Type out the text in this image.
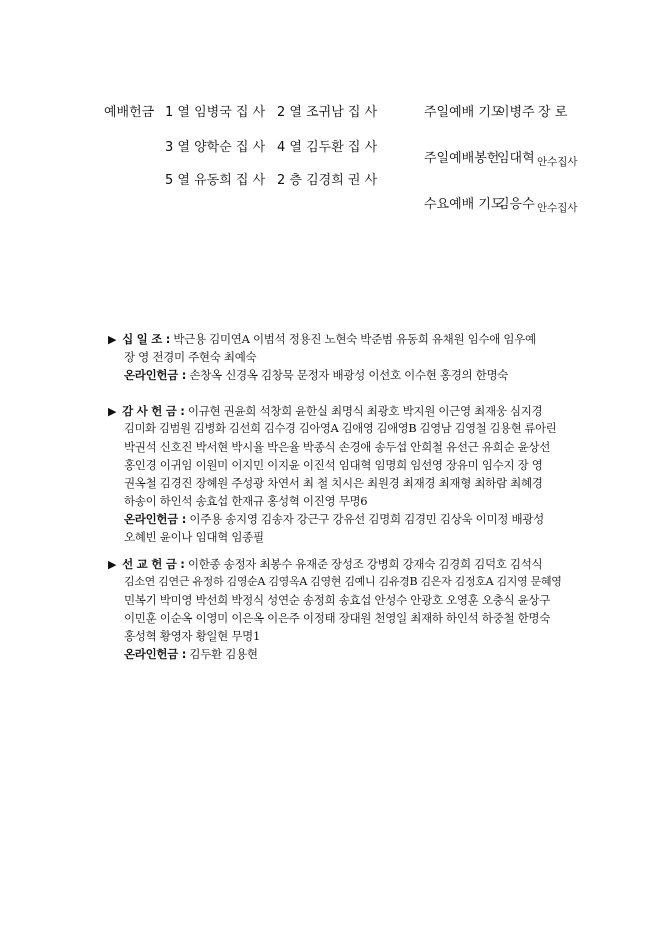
예배헌금 1 열 임병국 집 사 2 열 조귀남 집 사
3 열 양학순 집 사 4 열 김두환 집 사
5 열 유동희 집 사 2 층 김경희 권 사
주일예배 기도
이병주 장 로
주일예배봉헌
임대혁 안수집사
수요예배 기도
김응수 안수집사
▶ 십 일 조 : 박근용 김미연A 이범석 정용진 노현숙 박준범 유동희 유채원 임수애 임우예
장 영 전경미 주현숙 최예숙
온라인헌금 : 손창옥 신경옥 김창묵 문정자 배광성 이선호 이수현 홍경의 한명숙
▶ 감 사 헌 금 : 이규현 권윤희 석창희 윤한실 최명식 최광호 박지원 이근영 최재웅 심지경
김미화 김범원 김병화 김선희 김수경 김아영A 김애영 김애영B 김영남 김영철 김용현 류아린
박권석 신호진 박서현 박시율 박은율 박종식 손경애 송두섭 안희철 유선근 유희순 윤상선
홍인경 이귀임 이원미 이지민 이지윤 이진석 임대혁 임명희 임선영 장유미 임수지 장 영
권옥철 김경진 장혜원 주성광 차연서 최 철 치시은 최원경 최재경 최재형 최하람 최혜경
하송이 하인석 송효섭 한재규 홍성혁 이진영 무명6
온라인헌금 : 이주용 송지영 김송자 강근구 강유선 김명희 김경민 김상욱 이미정 배광성
오혜빈 윤이나 임대혁 임종필
▶ 선 교 헌 금 : 이한종 송정자 최봉수 유재준 장성조 강병희 강재숙 김경희 김덕호 김석식
김소연 김연근 유정하 김영순A 김영옥A 김영현 김예니 김유경B 김은자 김정호A 김지영 문혜영
민복기 박미영 박선희 박정식 성연순 송정희 송효섭 안성수 안광호 오영훈 오충식 윤상구
이민훈 이순옥 이영미 이은옥 이은주 이정태 장대원 천영일 최재하 하인석 하중철 한명숙
홍성혁 황영자 황일현 무명1
온라인헌금 : 김두환 김용현
